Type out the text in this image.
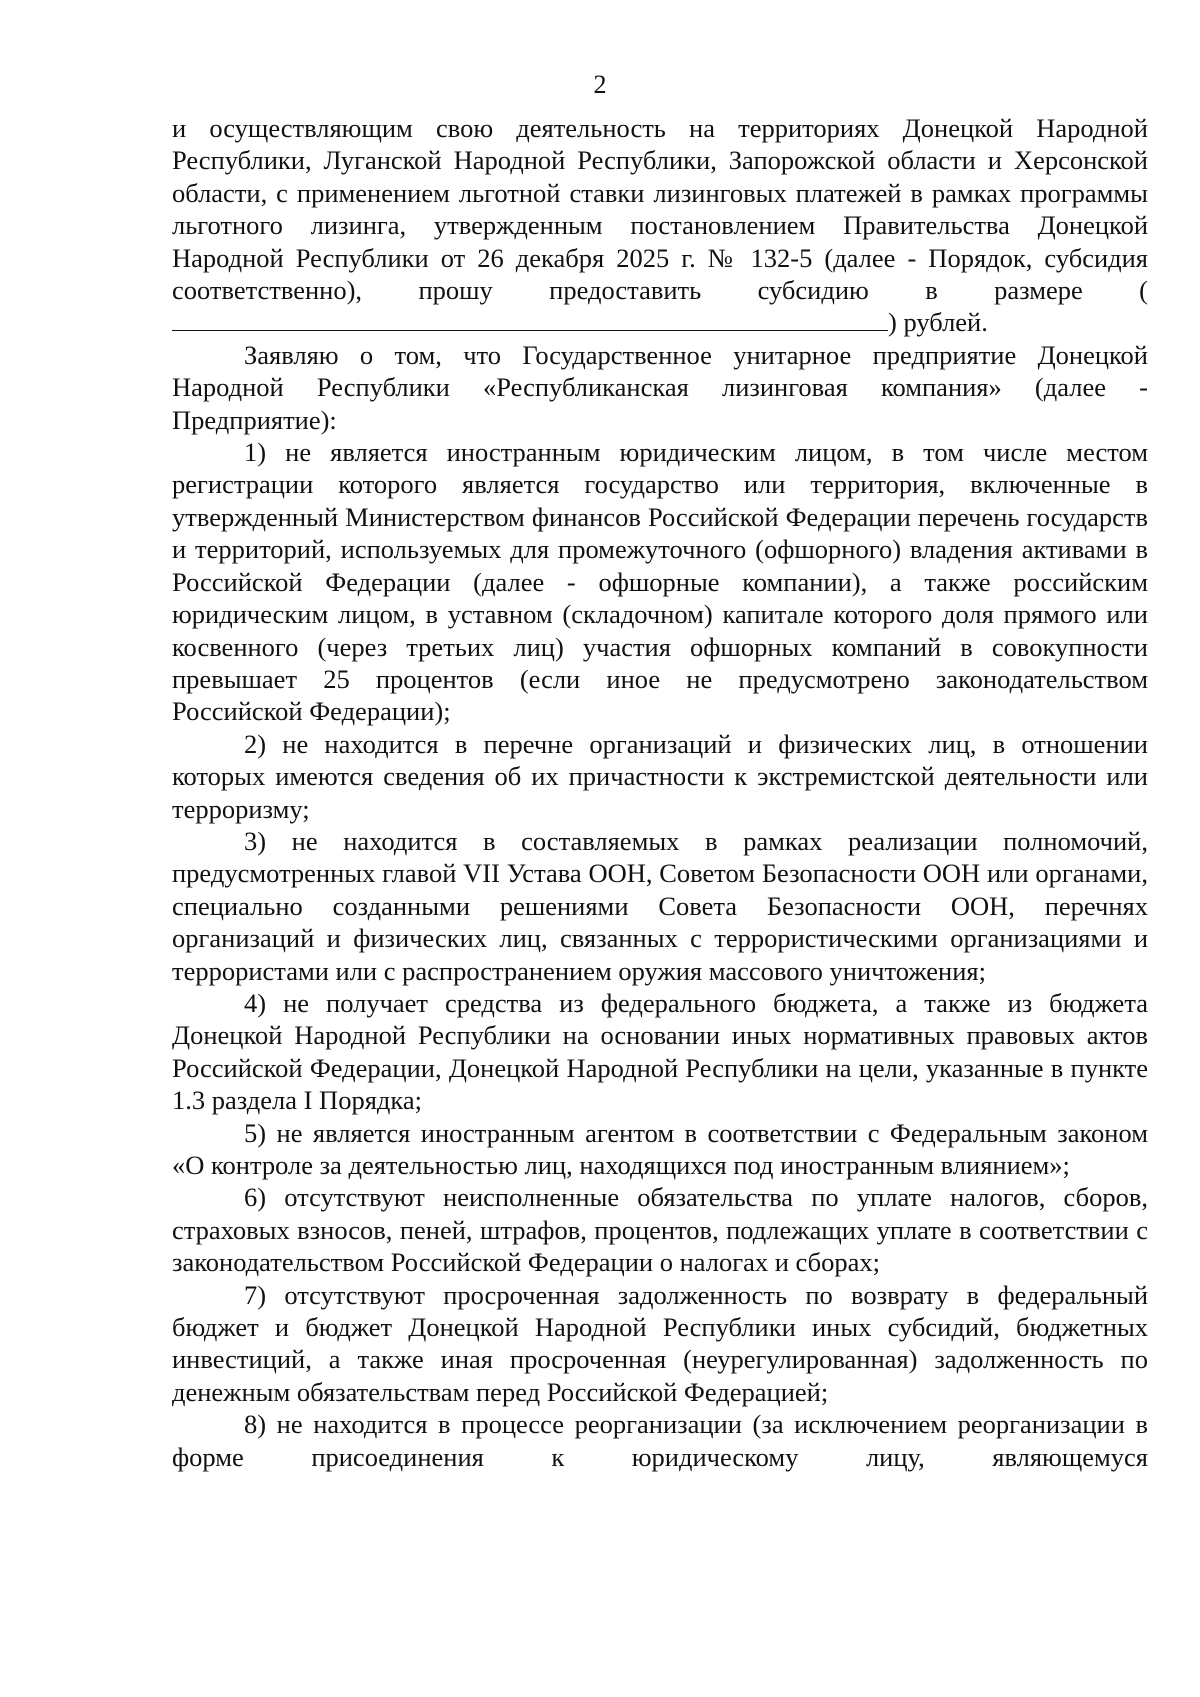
2

и осуществляющим свою деятельность на территориях Донецкой Народной Республики, Луганской Народной Республики, Запорожской области и Херсонской области, с применением льготной ставки лизинговых платежей в рамках программы льготного лизинга, утвержденным постановлением Правительства Донецкой Народной Республики от 26 декабря 2025 г. № 132-5 (далее - Порядок, субсидия соответственно), прошу предоставить субсидию в размере () рублей.

Заявляю о том, что Государственное унитарное предприятие Донецкой Народной Республики «Республиканская лизинговая компания» (далее - Предприятие):

1) не является иностранным юридическим лицом, в том числе местом регистрации которого является государство или территория, включенные в утвержденный Министерством финансов Российской Федерации перечень государств и территорий, используемых для промежуточного (офшорного) владения активами в Российской Федерации (далее - офшорные компании), а также российским юридическим лицом, в уставном (складочном) капитале которого доля прямого или косвенного (через третьих лиц) участия офшорных компаний в совокупности превышает 25 процентов (если иное не предусмотрено законодательством Российской Федерации);

2) не находится в перечне организаций и физических лиц, в отношении которых имеются сведения об их причастности к экстремистской деятельности или терроризму;

3) не находится в составляемых в рамках реализации полномочий, предусмотренных главой VII Устава ООН, Советом Безопасности ООН или органами, специально созданными решениями Совета Безопасности ООН, перечнях организаций и физических лиц, связанных с террористическими организациями и террористами или с распространением оружия массового уничтожения;

4) не получает средства из федерального бюджета, а также из бюджета Донецкой Народной Республики на основании иных нормативных правовых актов Российской Федерации, Донецкой Народной Республики на цели, указанные в пункте 1.3 раздела I Порядка;

5) не является иностранным агентом в соответствии с Федеральным законом «О контроле за деятельностью лиц, находящихся под иностранным влиянием»;

6) отсутствуют неисполненные обязательства по уплате налогов, сборов, страховых взносов, пеней, штрафов, процентов, подлежащих уплате в соответствии с законодательством Российской Федерации о налогах и сборах;

7) отсутствуют просроченная задолженность по возврату в федеральный бюджет и бюджет Донецкой Народной Республики иных субсидий, бюджетных инвестиций, а также иная просроченная (неурегулированная) задолженность по денежным обязательствам перед Российской Федерацией;

8) не находится в процессе реорганизации (за исключением реорганизации в форме присоединения к юридическому лицу, являющемуся
